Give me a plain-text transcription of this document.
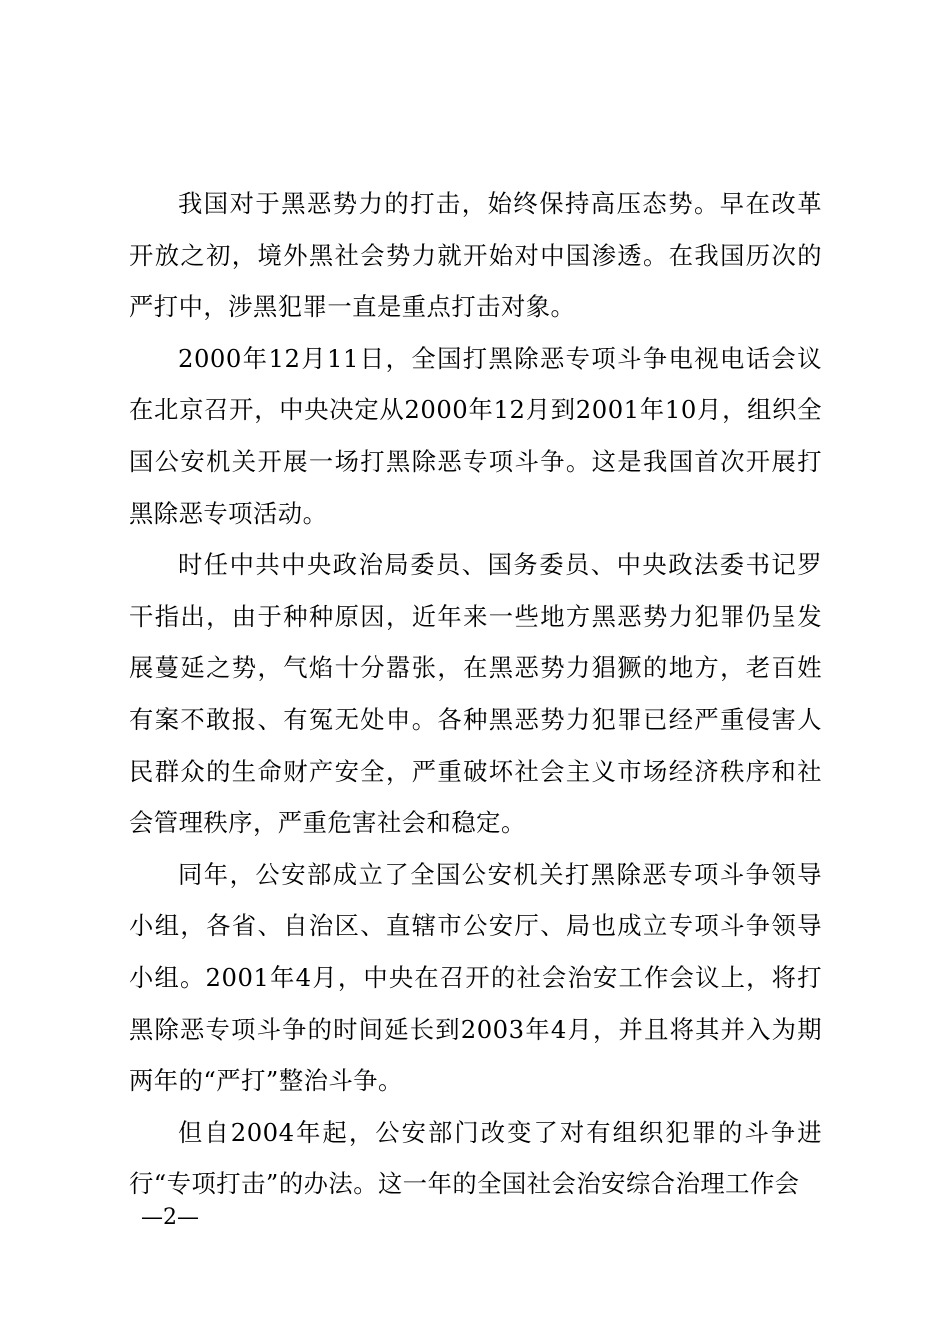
我国对于黑恶势力的打击，始终保持高压态势。早在改革开放之初，境外黑社会势力就开始对中国渗透。在我国历次的严打中，涉黑犯罪一直是重点打击对象。

2000年12月11日，全国打黑除恶专项斗争电视电话会议在北京召开，中央决定从2000年12月到2001年10月，组织全国公安机关开展一场打黑除恶专项斗争。这是我国首次开展打黑除恶专项活动。

时任中共中央政治局委员、国务委员、中央政法委书记罗干指出，由于种种原因，近年来一些地方黑恶势力犯罪仍呈发展蔓延之势，气焰十分嚣张，在黑恶势力猖獗的地方，老百姓有案不敢报、有冤无处申。各种黑恶势力犯罪已经严重侵害人民群众的生命财产安全，严重破坏社会主义市场经济秩序和社会管理秩序，严重危害社会和稳定。

同年，公安部成立了全国公安机关打黑除恶专项斗争领导小组，各省、自治区、直辖市公安厅、局也成立专项斗争领导小组。2001年4月，中央在召开的社会治安工作会议上，将打黑除恶专项斗争的时间延长到2003年4月，并且将其并入为期两年的“严打”整治斗争。

但自2004年起，公安部门改变了对有组织犯罪的斗争进行“专项打击”的办法。这一年的全国社会治安综合治理工作会

—2—
